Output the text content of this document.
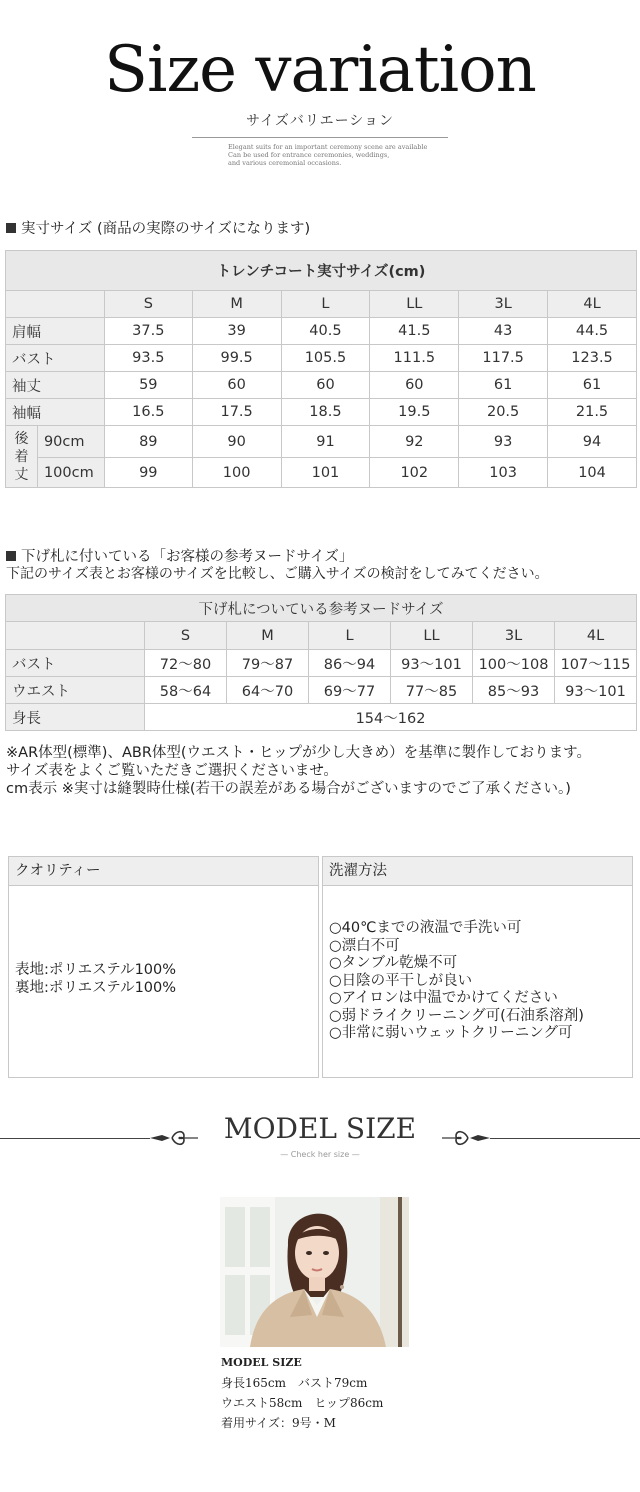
Size variation
サイズバリエーション
Elegant suits for an important ceremony scene are available
Can be used for entrance ceremonies, weddings,
and various ceremonial occasions.
実寸サイズ (商品の実際のサイズになります)
トレンチコート実寸サイズ(cm)							
		S	M	L	LL	3L	4L
肩幅		37.5	39	40.5	41.5	43	44.5
バスト		93.5	99.5	105.5	111.5	117.5	123.5
袖丈		59	60	60	60	61	61
袖幅		16.5	17.5	18.5	19.5	20.5	21.5

後
着
丈	90cm	89	90	91	92	93	94
	100cm	99	100	101	102	103	104
下げ札に付いている「お客様の参考ヌードサイズ」
下記のサイズ表とお客様のサイズを比較し、ご購入サイズの検討をしてみてください。
下げ札についている参考ヌードサイズ						
	S	M	L	LL	3L	4L
バスト	72〜80	79〜87	86〜94	93〜101	100〜108	107〜115
ウエスト	58〜64	64〜70	69〜77	77〜85	85〜93	93〜101
身長	154〜162					
※AR体型(標準)、ABR体型(ウエスト・ヒップが少し大きめ）を基準に製作しております。
サイズ表をよくご覧いただきご選択くださいませ。
cm表示 ※実寸は縫製時仕様(若干の誤差がある場合がございますのでご了承ください。)
クオリティー
表地:ポリエステル100%
裏地:ポリエステル100%
洗濯方法
○40℃までの液温で手洗い可
○漂白不可
○タンブル乾燥不可
○日陰の平干しが良い
○アイロンは中温でかけてください
○弱ドライクリーニング可(石油系溶剤)
○非常に弱いウェットクリーニング可
MODEL SIZE
— Check her size —
MODEL SIZE
身長165cm　バスト79cm
ウエスト58cm　ヒップ86cm
着用サイズ：9号・M
